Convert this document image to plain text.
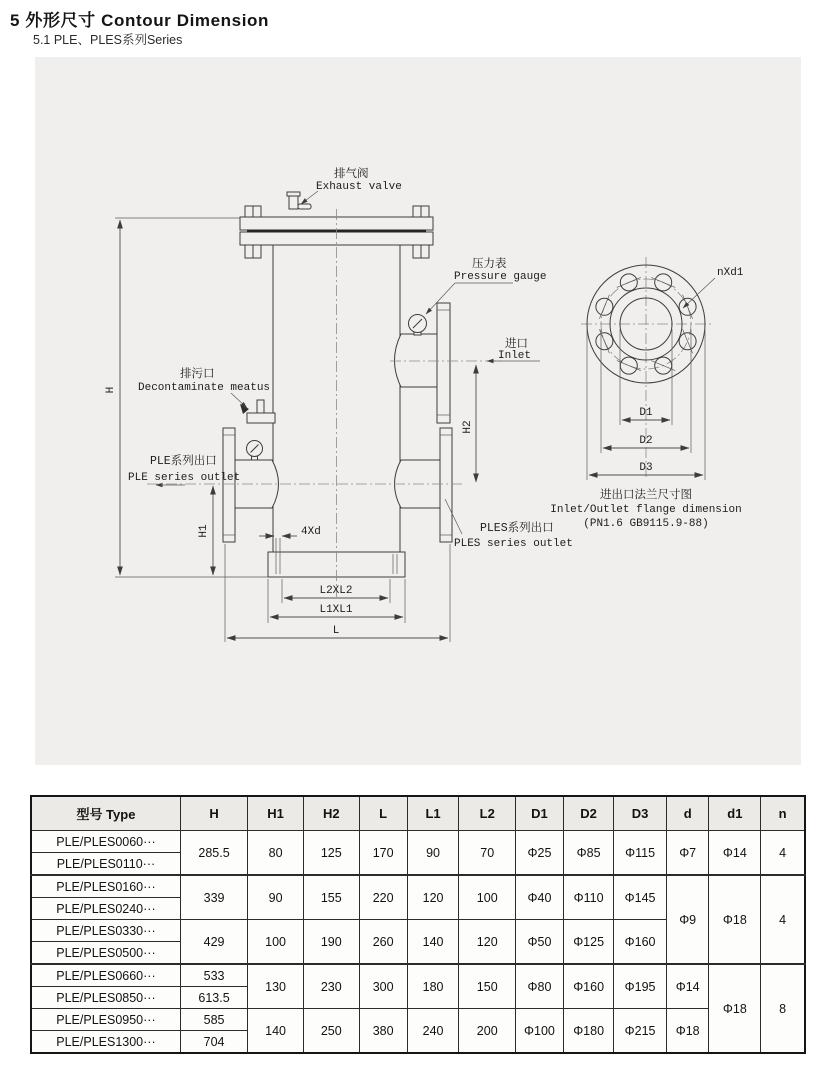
5 外形尺寸 Contour Dimension
5.1 PLE、PLES系列Series
排气阀
Exhaust valve
压力表
Pressure gauge
进口
Inlet
H2
排污口
Decontaminate meatus
PLE系列出口
PLE series outlet
PLES系列出口
PLES series outlet
4Xd
H
H1
L2XL2
L1XL1
L
nXd1
D1
D2
D3
进出口法兰尺寸图
Inlet/Outlet flange dimension
(PN1.6 GB9115.9-88)
型号 Type	H	H1	H2	L	L1	L2	D1	D2	D3	d	d1	n
PLE/PLES0060···	285.5	80	125	170	90	70	Φ25	Φ85	Φ115	Φ7	Φ14	4
PLE/PLES0110···												
PLE/PLES0160···	339	90	155	220	120	100	Φ40	Φ110	Φ145	Φ9	Φ18	4
PLE/PLES0240···												
PLE/PLES0330···	429	100	190	260	140	120	Φ50	Φ125	Φ160			
PLE/PLES0500···												
PLE/PLES0660···	533	130	230	300	180	150	Φ80	Φ160	Φ195	Φ14	Φ18	8
PLE/PLES0850···	613.5											
PLE/PLES0950···	585	140	250	380	240	200	Φ100	Φ180	Φ215	Φ18		
PLE/PLES1300···	704											
